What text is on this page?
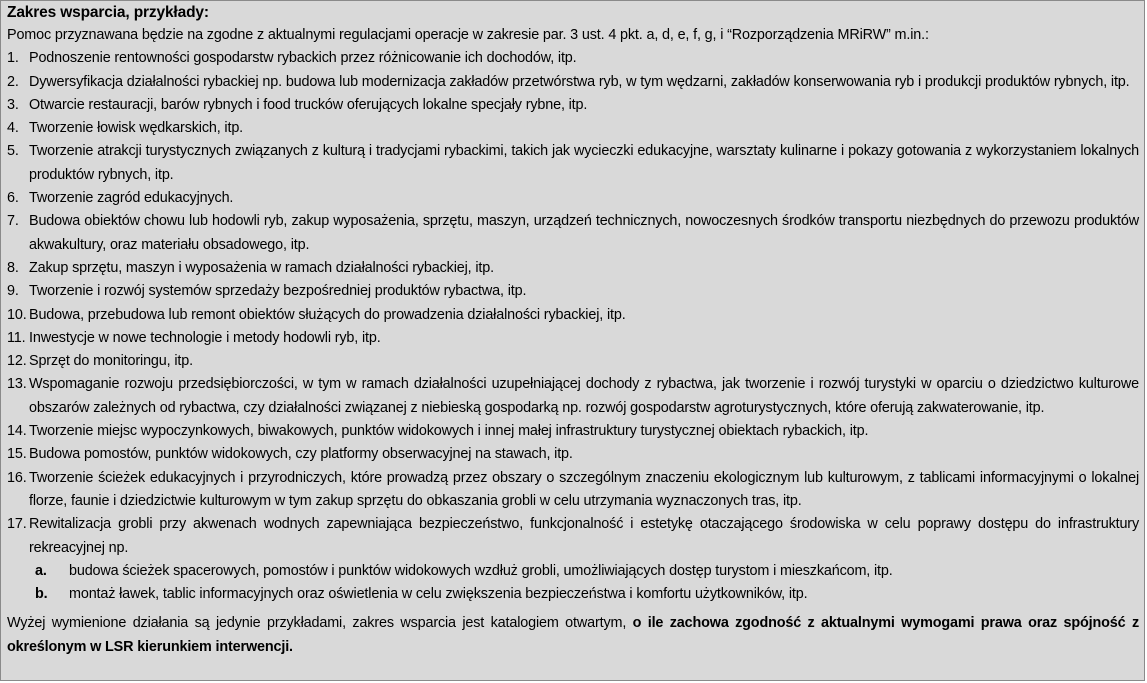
Zakres wsparcia, przykłady:
Pomoc przyznawana będzie na zgodne z aktualnymi regulacjami operacje w zakresie par. 3 ust. 4 pkt. a, d, e, f, g, i “Rozporządzenia MRiRW” m.in.:
1. Podnoszenie rentowności gospodarstw rybackich przez różnicowanie ich dochodów, itp.
2. Dywersyfikacja działalności rybackiej np. budowa lub modernizacja zakładów przetwórstwa ryb, w tym wędzarni, zakładów konserwowania ryb i produkcji produktów rybnych, itp.
3. Otwarcie restauracji, barów rybnych i food trucków oferujących lokalne specjały rybne, itp.
4. Tworzenie łowisk wędkarskich, itp.
5. Tworzenie atrakcji turystycznych związanych z kulturą i tradycjami rybackimi, takich jak wycieczki edukacyjne, warsztaty kulinarne i pokazy gotowania z wykorzystaniem lokalnych produktów rybnych, itp.
6. Tworzenie zagród edukacyjnych.
7. Budowa obiektów chowu lub hodowli ryb, zakup wyposażenia, sprzętu, maszyn, urządzeń technicznych, nowoczesnych środków transportu niezbędnych do przewozu produktów akwakultury, oraz materiału obsadowego, itp.
8. Zakup sprzętu, maszyn i wyposażenia w ramach działalności rybackiej, itp.
9. Tworzenie i rozwój systemów sprzedaży bezpośredniej produktów rybactwa, itp.
10. Budowa, przebudowa lub remont obiektów służących do prowadzenia działalności rybackiej, itp.
11. Inwestycje w nowe technologie i metody hodowli ryb, itp.
12. Sprzęt do monitoringu, itp.
13. Wspomaganie rozwoju przedsiębiorczości, w tym w ramach działalności uzupełniającej dochody z rybactwa, jak tworzenie i rozwój turystyki w oparciu o dziedzictwo kulturowe obszarów zależnych od rybactwa, czy działalności związanej z niebieską gospodarką np. rozwój gospodarstw agroturystycznych, które oferują zakwaterowanie, itp.
14. Tworzenie miejsc wypoczynkowych, biwakowych, punktów widokowych i innej małej infrastruktury turystycznej obiektach rybackich, itp.
15. Budowa pomostów, punktów widokowych, czy platformy obserwacyjnej na stawach, itp.
16. Tworzenie ścieżek edukacyjnych i przyrodniczych, które prowadzą przez obszary o szczególnym znaczeniu ekologicznym lub kulturowym, z tablicami informacyjnymi o lokalnej florze, faunie i dziedzictwie kulturowym w tym zakup sprzętu do obkaszania grobli w celu utrzymania wyznaczonych tras, itp.
17. Rewitalizacja grobli przy akwenach wodnych zapewniająca bezpieczeństwo, funkcjonalność i estetykę otaczającego środowiska w celu poprawy dostępu do infrastruktury rekreacyjnej np.
a.	budowa ścieżek spacerowych, pomostów i punktów widokowych wzdłuż grobli, umożliwiających dostęp turystom i mieszkańcom, itp.
b.	montaż ławek, tablic informacyjnych oraz oświetlenia w celu zwiększenia bezpieczeństwa i komfortu użytkowników, itp.
Wyżej wymienione działania są jedynie przykładami, zakres wsparcia jest katalogiem otwartym, o ile zachowa zgodność z aktualnymi wymogami prawa oraz spójność z określonym w LSR kierunkiem interwencji.
